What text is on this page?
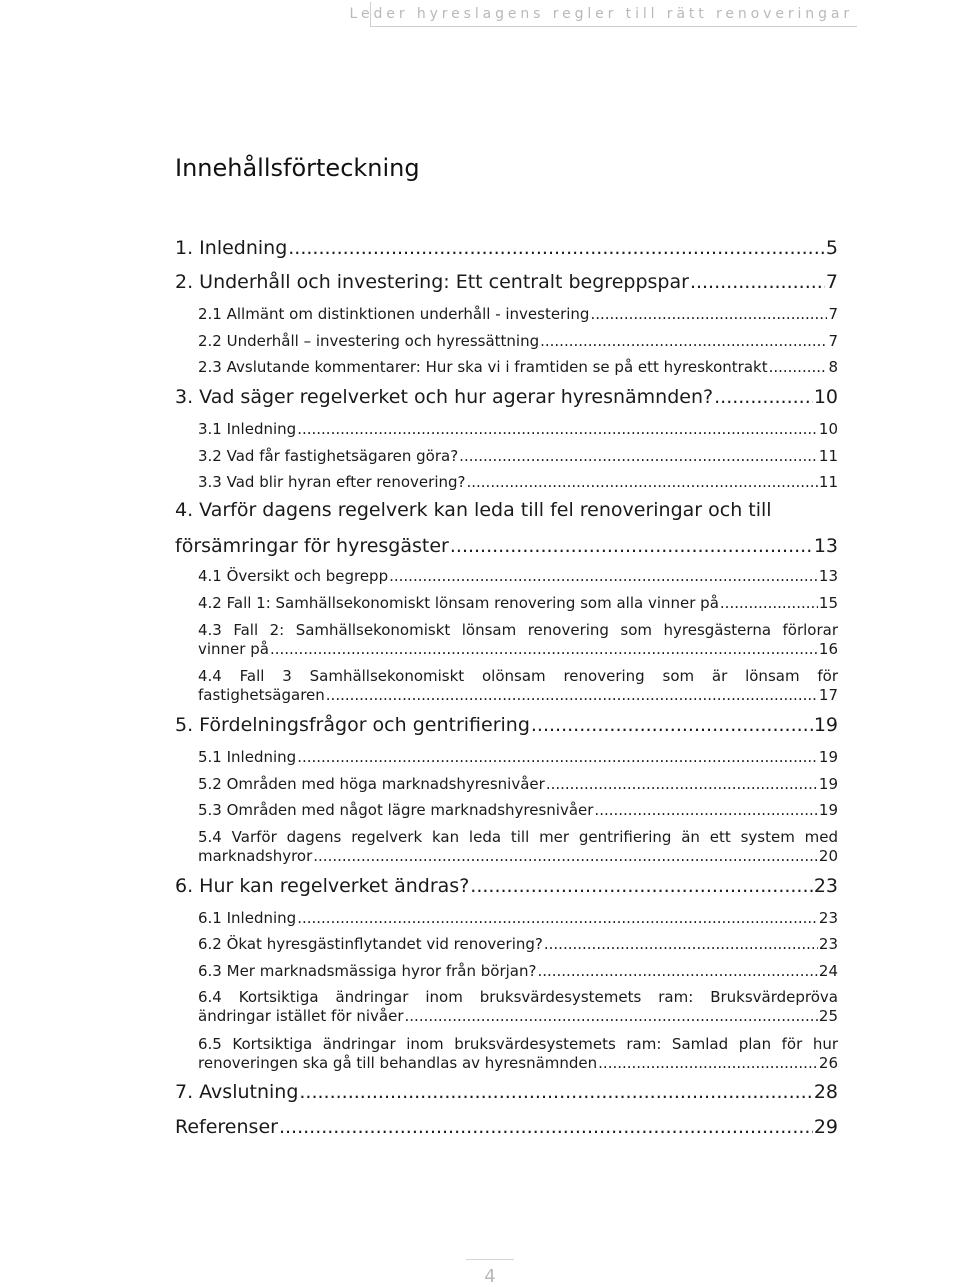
Leder hyreslagens regler till rätt renoveringar
Innehållsförteckning
1. Inledning .....	5
2. Underhåll och investering: Ett centralt begreppspar .....	7
2.1 Allmänt om distinktionen underhåll - investering .....	7
2.2 Underhåll – investering och hyressättning .....	7
2.3 Avslutande kommentarer: Hur ska vi i framtiden se på ett hyreskontrakt .....	8
3. Vad säger regelverket och hur agerar hyresnämnden? .....	10
3.1 Inledning .....	10
3.2 Vad får fastighetsägaren göra? .....	11
3.3 Vad blir hyran efter renovering? .....	11
4. Varför dagens regelverk kan leda till fel renoveringar och till
försämringar för hyresgäster .....	13
4.1 Översikt och begrepp .....	13
4.2 Fall 1: Samhällsekonomiskt lönsam renovering som alla vinner på .....	15
4.3 Fall 2: Samhällsekonomiskt lönsam renovering som hyresgästerna förlorar
vinner på .....	16
4.4 Fall 3 Samhällsekonomiskt olönsam renovering som är lönsam för
fastighetsägaren .....	17
5. Fördelningsfrågor och gentrifiering .....	19
5.1 Inledning .....	19
5.2 Områden med höga marknadshyresnivåer .....	19
5.3 Områden med något lägre marknadshyresnivåer .....	19
5.4 Varför dagens regelverk kan leda till mer gentrifiering än ett system med
marknadshyror .....	20
6. Hur kan regelverket ändras? .....	23
6.1 Inledning .....	23
6.2 Ökat hyresgästinflytandet vid renovering? .....	23
6.3 Mer marknadsmässiga hyror från början? .....	24
6.4 Kortsiktiga ändringar inom bruksvärdesystemets ram: Bruksvärdepröva
ändringar istället för nivåer .....	25
6.5 Kortsiktiga ändringar inom bruksvärdesystemets ram: Samlad plan för hur
renoveringen ska gå till behandlas av hyresnämnden .....	26
7. Avslutning .....	28
Referenser .....	29
4
